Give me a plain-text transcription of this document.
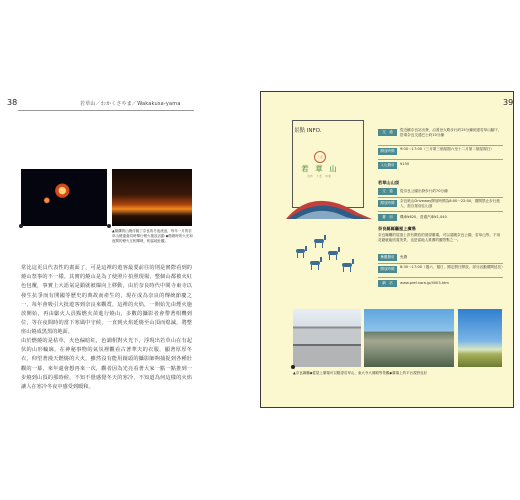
38	若草山／わかくさやま／Wakakusa-yama
▲燦爛的山燒伴隨了奈良的冬夜流浪，每年一月的若草山燒還會同時舉行煙火施放活動 ◆燃燒時的火光和夜間的煙火互相輝映，相當地壯觀。
常比這更具代表性的畫面了，可是這裡的遊客最要前往的則是實際看到的燒山祭事的不一樣。其實的燒山是為了使照片拍照現場，整個山都被火紅色包覆，事實上大語氣是鎖就被爆向上移動，由於奈良時代中間寺東寺以發生抗爭而有開國等歷史的典故而產生的，現在成為奈良的傳統節慶之一，每年會吸引大批遊客到奈良來觀賞。這裡的火焰，一開始先由煙火施放開始，再由獻火人員點燃火苗進行燒山，多數的攝影者會帶著相機到位，等在夜間時的當下寒風中守候，一直到火焰延燒至山頂而熄滅，將整座山燒成黑黑的地面。
由於燃燒的是枯草，火色偏暗紅，色調相對火光下，浮現出若草山在有起伏的山形輪廓，在神秘事物的氣氛裡觀看古著華夫的衣服，顯著厚厚冬衣，仰望著漫天燃燒的大火，雖然沒有能用鏡頭的攝影師夠捕捉到各種壯觀的一幕，來年還會想再來一次，觀者因為光亮看著大家一點一點推到一步燒到山頂的那時候，不知不覺感覺冬天的寒冷，不知道為何這樣的火焰讓人在寒冷冬夜中感受到暖和。
39
景點 INFO.
くさ
若　草　山
わか　くさ　やま
交　通	從近鐵奈良站出發，沿著登大路步行約15分鐘到達若草山腳下，搭乘奈良交通巴士約10分鐘
開放時間	9:00～17:00（三月第三個星期六至十二月第二個星期日）
入山費用	¥150
若草山山頂
交　通	從奈良公園出發步行約70分鐘
開放時間	奈良奧山Driveway開放時間為8:00～22:00，期間禁止步行進入，需自駕前往山頂
費　用	機車¥620，普通汽車¥1,040
奈良縣縣廳屋上廣場
奈良縣廳的屋頂上設有開放的展望廣場，可以遠眺奈良公園、若草山等，不用花錢就能欣賞美景，也是當地人推薦的觀景點之一。
參觀費用	免費
開放時間	8:30～17:00（週六、週日、國定假日開放，部分活動期間延長）
網　站	www.pref.nara.jp/4003.htm
▲奈良縣廳◆從屋上廣場可以眺望若草山、東大寺大佛殿等景觀◆廣場上的平台視野良好
